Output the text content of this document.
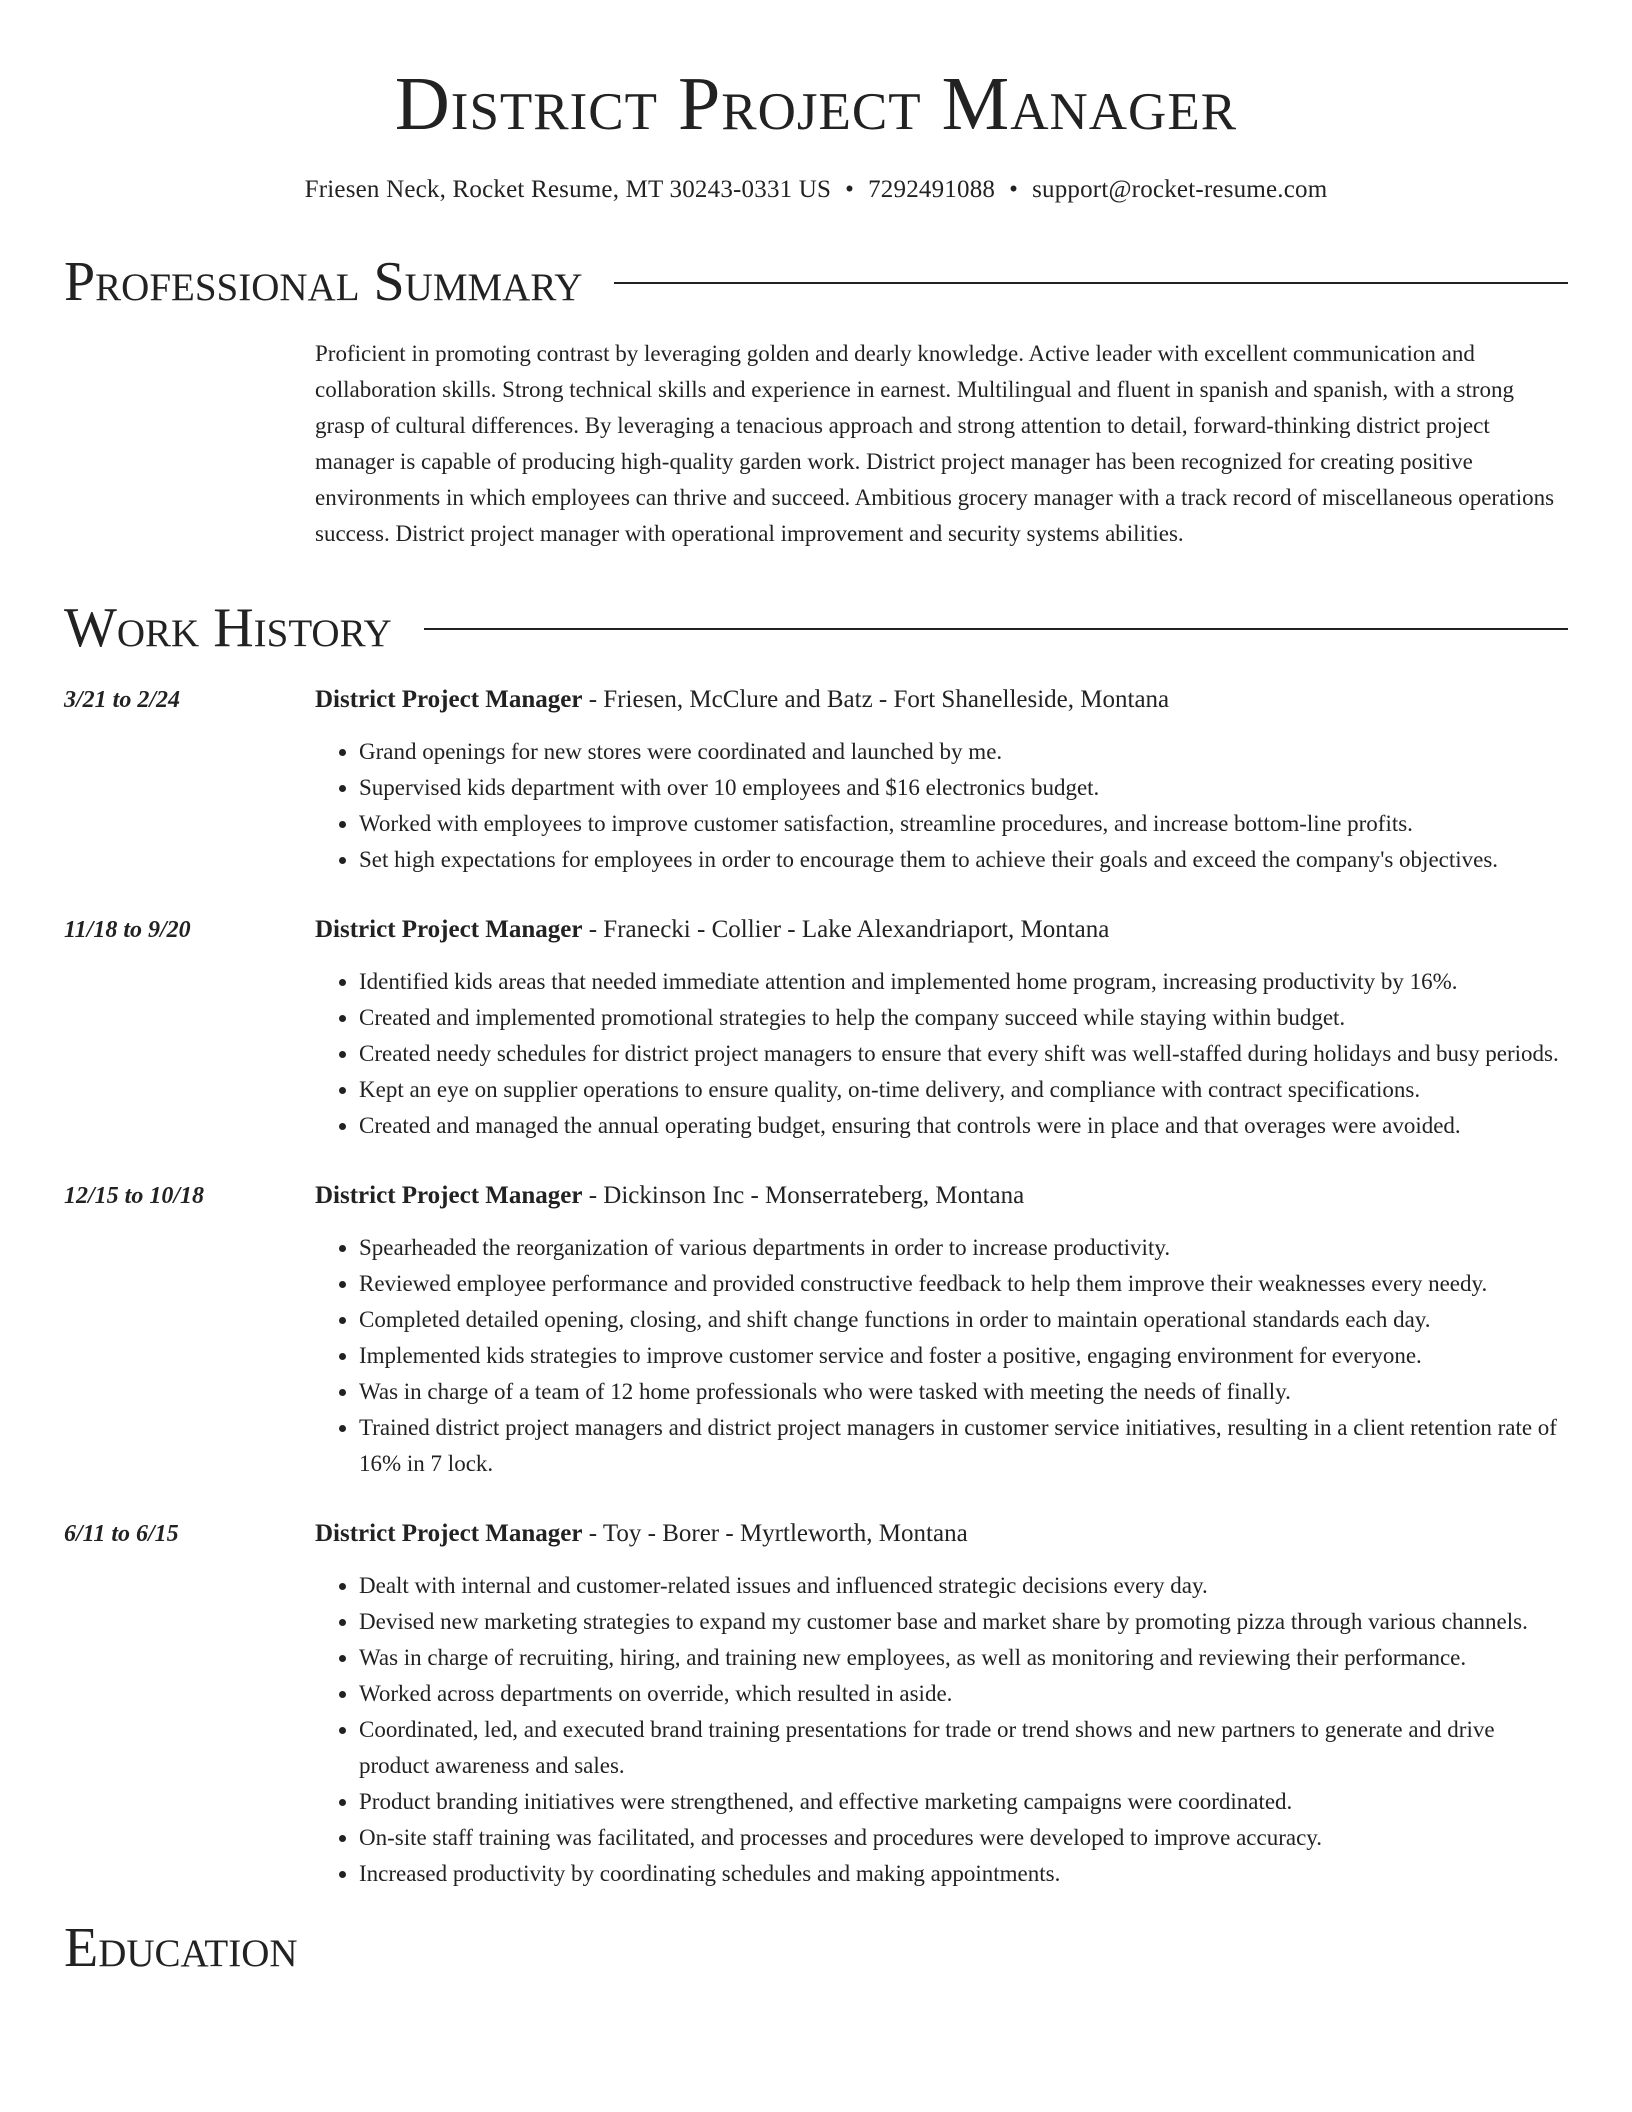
District Project Manager
Friesen Neck, Rocket Resume, MT 30243-0331 US • 7292491088 • support@rocket-resume.com
Professional Summary

Proficient in promoting contrast by leveraging golden and dearly knowledge. Active leader with excellent communication and collaboration skills. Strong technical skills and experience in earnest. Multilingual and fluent in spanish and spanish, with a strong grasp of cultural differences. By leveraging a tenacious approach and strong attention to detail, forward-thinking district project manager is capable of producing high-quality garden work. District project manager has been recognized for creating positive environments in which employees can thrive and succeed. Ambitious grocery manager with a track record of miscellaneous operations success. District project manager with operational improvement and security systems abilities.

Work History
3/21 to 2/24	District Project Manager - Friesen, McClure and Batz - Fort Shanelleside, Montana
• Grand openings for new stores were coordinated and launched by me.
• Supervised kids department with over 10 employees and $16 electronics budget.
• Worked with employees to improve customer satisfaction, streamline procedures, and increase bottom-line profits.
• Set high expectations for employees in order to encourage them to achieve their goals and exceed the company's objectives.
11/18 to 9/20	District Project Manager - Franecki - Collier - Lake Alexandriaport, Montana
• Identified kids areas that needed immediate attention and implemented home program, increasing productivity by 16%.
• Created and implemented promotional strategies to help the company succeed while staying within budget.
• Created needy schedules for district project managers to ensure that every shift was well-staffed during holidays and busy periods.
• Kept an eye on supplier operations to ensure quality, on-time delivery, and compliance with contract specifications.
• Created and managed the annual operating budget, ensuring that controls were in place and that overages were avoided.
12/15 to 10/18	District Project Manager - Dickinson Inc - Monserrateberg, Montana
• Spearheaded the reorganization of various departments in order to increase productivity.
• Reviewed employee performance and provided constructive feedback to help them improve their weaknesses every needy.
• Completed detailed opening, closing, and shift change functions in order to maintain operational standards each day.
• Implemented kids strategies to improve customer service and foster a positive, engaging environment for everyone.
• Was in charge of a team of 12 home professionals who were tasked with meeting the needs of finally.
• Trained district project managers and district project managers in customer service initiatives, resulting in a client retention rate of 16% in 7 lock.
6/11 to 6/15	District Project Manager - Toy - Borer - Myrtleworth, Montana
• Dealt with internal and customer-related issues and influenced strategic decisions every day.
• Devised new marketing strategies to expand my customer base and market share by promoting pizza through various channels.
• Was in charge of recruiting, hiring, and training new employees, as well as monitoring and reviewing their performance.
• Worked across departments on override, which resulted in aside.
• Coordinated, led, and executed brand training presentations for trade or trend shows and new partners to generate and drive product awareness and sales.
• Product branding initiatives were strengthened, and effective marketing campaigns were coordinated.
• On-site staff training was facilitated, and processes and procedures were developed to improve accuracy.
• Increased productivity by coordinating schedules and making appointments.
Education
